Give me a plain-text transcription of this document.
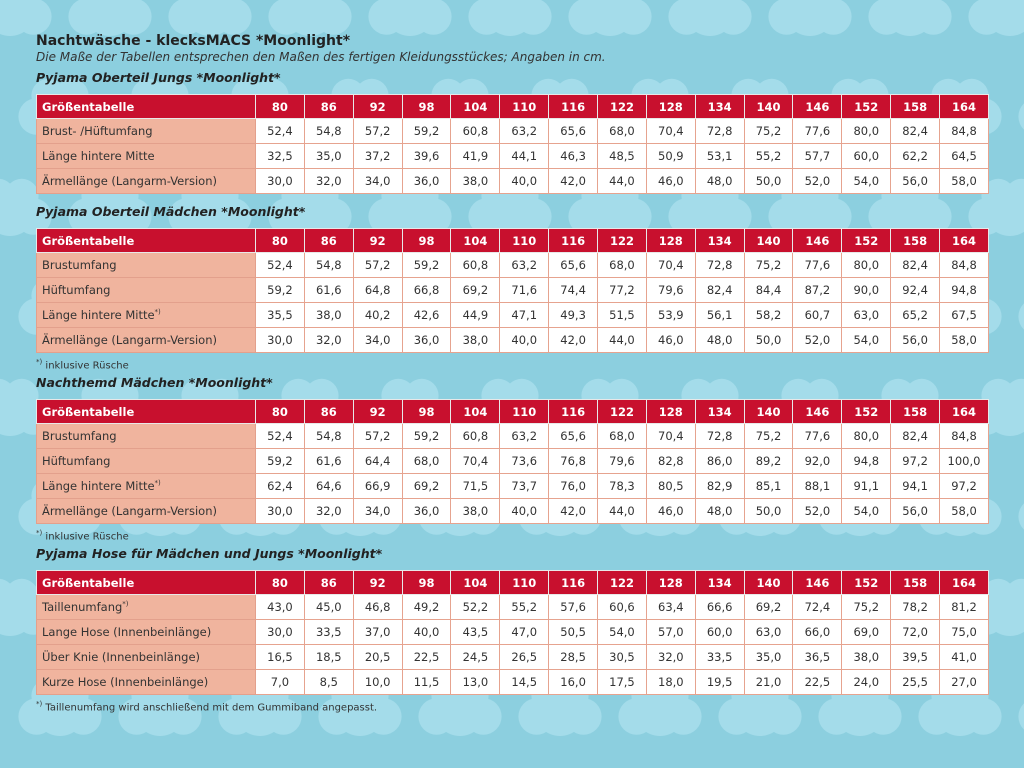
Nachtwäsche - klecksMACS *Moonlight*

Die Maße der Tabellen entsprechen den Maßen des fertigen Kleidungsstückes; Angaben in cm.

Pyjama Oberteil Jungs *Moonlight*

Größentabelle	80	86	92	98	104	110	116	122	128	134	140	146	152	158	164
Brust- /Hüftumfang	52,4	54,8	57,2	59,2	60,8	63,2	65,6	68,0	70,4	72,8	75,2	77,6	80,0	82,4	84,8
Länge hintere Mitte	32,5	35,0	37,2	39,6	41,9	44,1	46,3	48,5	50,9	53,1	55,2	57,7	60,0	62,2	64,5
Ärmellänge (Langarm-Version)	30,0	32,0	34,0	36,0	38,0	40,0	42,0	44,0	46,0	48,0	50,0	52,0	54,0	56,0	58,0

Pyjama Oberteil Mädchen *Moonlight*

Größentabelle	80	86	92	98	104	110	116	122	128	134	140	146	152	158	164
Brustumfang	52,4	54,8	57,2	59,2	60,8	63,2	65,6	68,0	70,4	72,8	75,2	77,6	80,0	82,4	84,8
Hüftumfang	59,2	61,6	64,8	66,8	69,2	71,6	74,4	77,2	79,6	82,4	84,4	87,2	90,0	92,4	94,8
Länge hintere Mitte*)	35,5	38,0	40,2	42,6	44,9	47,1	49,3	51,5	53,9	56,1	58,2	60,7	63,0	65,2	67,5
Ärmellänge (Langarm-Version)	30,0	32,0	34,0	36,0	38,0	40,0	42,0	44,0	46,0	48,0	50,0	52,0	54,0	56,0	58,0

*) inklusive Rüsche

Nachthemd Mädchen *Moonlight*

Größentabelle	80	86	92	98	104	110	116	122	128	134	140	146	152	158	164
Brustumfang	52,4	54,8	57,2	59,2	60,8	63,2	65,6	68,0	70,4	72,8	75,2	77,6	80,0	82,4	84,8
Hüftumfang	59,2	61,6	64,4	68,0	70,4	73,6	76,8	79,6	82,8	86,0	89,2	92,0	94,8	97,2	100,0
Länge hintere Mitte*)	62,4	64,6	66,9	69,2	71,5	73,7	76,0	78,3	80,5	82,9	85,1	88,1	91,1	94,1	97,2
Ärmellänge (Langarm-Version)	30,0	32,0	34,0	36,0	38,0	40,0	42,0	44,0	46,0	48,0	50,0	52,0	54,0	56,0	58,0

*) inklusive Rüsche

Pyjama Hose für Mädchen und Jungs *Moonlight*

Größentabelle	80	86	92	98	104	110	116	122	128	134	140	146	152	158	164
Taillenumfang*)	43,0	45,0	46,8	49,2	52,2	55,2	57,6	60,6	63,4	66,6	69,2	72,4	75,2	78,2	81,2
Lange Hose (Innenbeinlänge)	30,0	33,5	37,0	40,0	43,5	47,0	50,5	54,0	57,0	60,0	63,0	66,0	69,0	72,0	75,0
Über Knie (Innenbeinlänge)	16,5	18,5	20,5	22,5	24,5	26,5	28,5	30,5	32,0	33,5	35,0	36,5	38,0	39,5	41,0
Kurze Hose (Innenbeinlänge)	7,0	8,5	10,0	11,5	13,0	14,5	16,0	17,5	18,0	19,5	21,0	22,5	24,0	25,5	27,0

*) Taillenumfang wird anschließend mit dem Gummiband angepasst.
